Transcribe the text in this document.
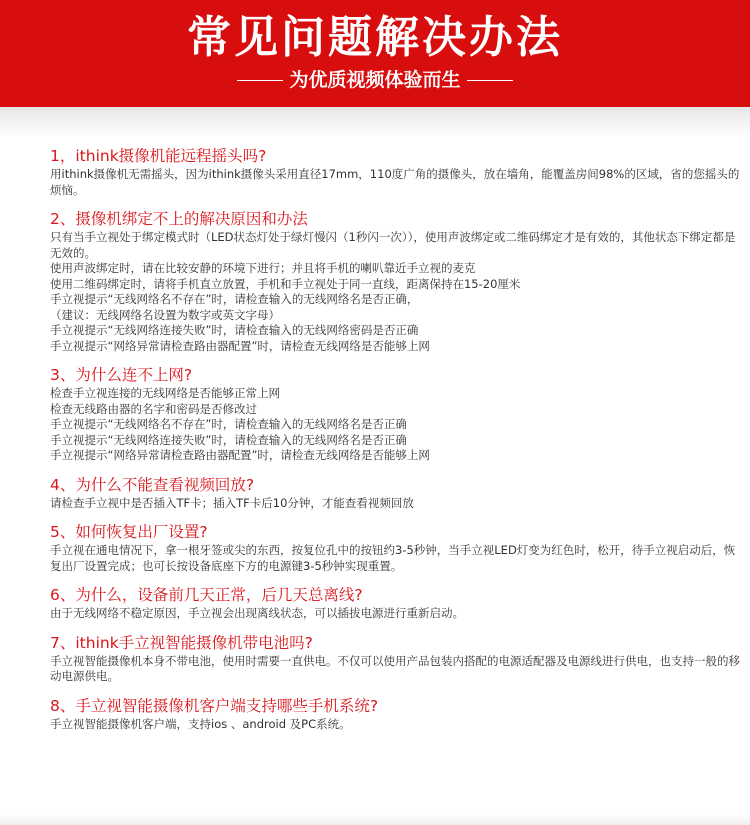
常见问题解决办法
为优质视频体验而生
1，ithink摄像机能远程摇头吗?

用ithink摄像机无需摇头，因为ithink摄像头采用直径17mm，110度广角的摄像头，放在墙角，能覆盖房间98%的区域，省的您摇头的烦恼。

2、摄像机绑定不上的解决原因和办法

只有当手立视处于绑定模式时（LED状态灯处于绿灯慢闪（1秒闪一次）），使用声波绑定或二维码绑定才是有效的，其他状态下绑定都是无效的。

使用声波绑定时，请在比较安静的环境下进行；并且将手机的喇叭靠近手立视的麦克

使用二维码绑定时，请将手机直立放置，手机和手立视处于同一直线，距离保持在15-20厘米

手立视提示“无线网络名不存在”时，请检查输入的无线网络名是否正确，

（建议：无线网络名设置为数字或英文字母）

手立视提示“无线网络连接失败”时，请检查输入的无线网络密码是否正确

手立视提示“网络异常请检查路由器配置”时，请检查无线网络是否能够上网

3、为什么连不上网?

检查手立视连接的无线网络是否能够正常上网

检查无线路由器的名字和密码是否修改过

手立视提示“无线网络名不存在”时，请检查输入的无线网络名是否正确

手立视提示“无线网络连接失败”时，请检查输入的无线网络名是否正确

手立视提示“网络异常请检查路由器配置”时，请检查无线网络是否能够上网

4、为什么不能查看视频回放?

请检查手立视中是否插入TF卡；插入TF卡后10分钟，才能查看视频回放

5、如何恢复出厂设置?

手立视在通电情况下，拿一根牙签或尖的东西，按复位孔中的按钮约3-5秒钟，当手立视LED灯变为红色时，松开，待手立视启动后，恢复出厂设置完成；也可长按设备底座下方的电源键3-5秒钟实现重置。

6、为什么，设备前几天正常，后几天总离线?

由于无线网络不稳定原因，手立视会出现离线状态，可以插拔电源进行重新启动。

7、ithink手立视智能摄像机带电池吗?

手立视智能摄像机本身不带电池，使用时需要一直供电。不仅可以使用产品包装内搭配的电源适配器及电源线进行供电，也支持一般的移动电源供电。

8、手立视智能摄像机客户端支持哪些手机系统?

手立视智能摄像机客户端，支持ios 、android 及PC系统。
